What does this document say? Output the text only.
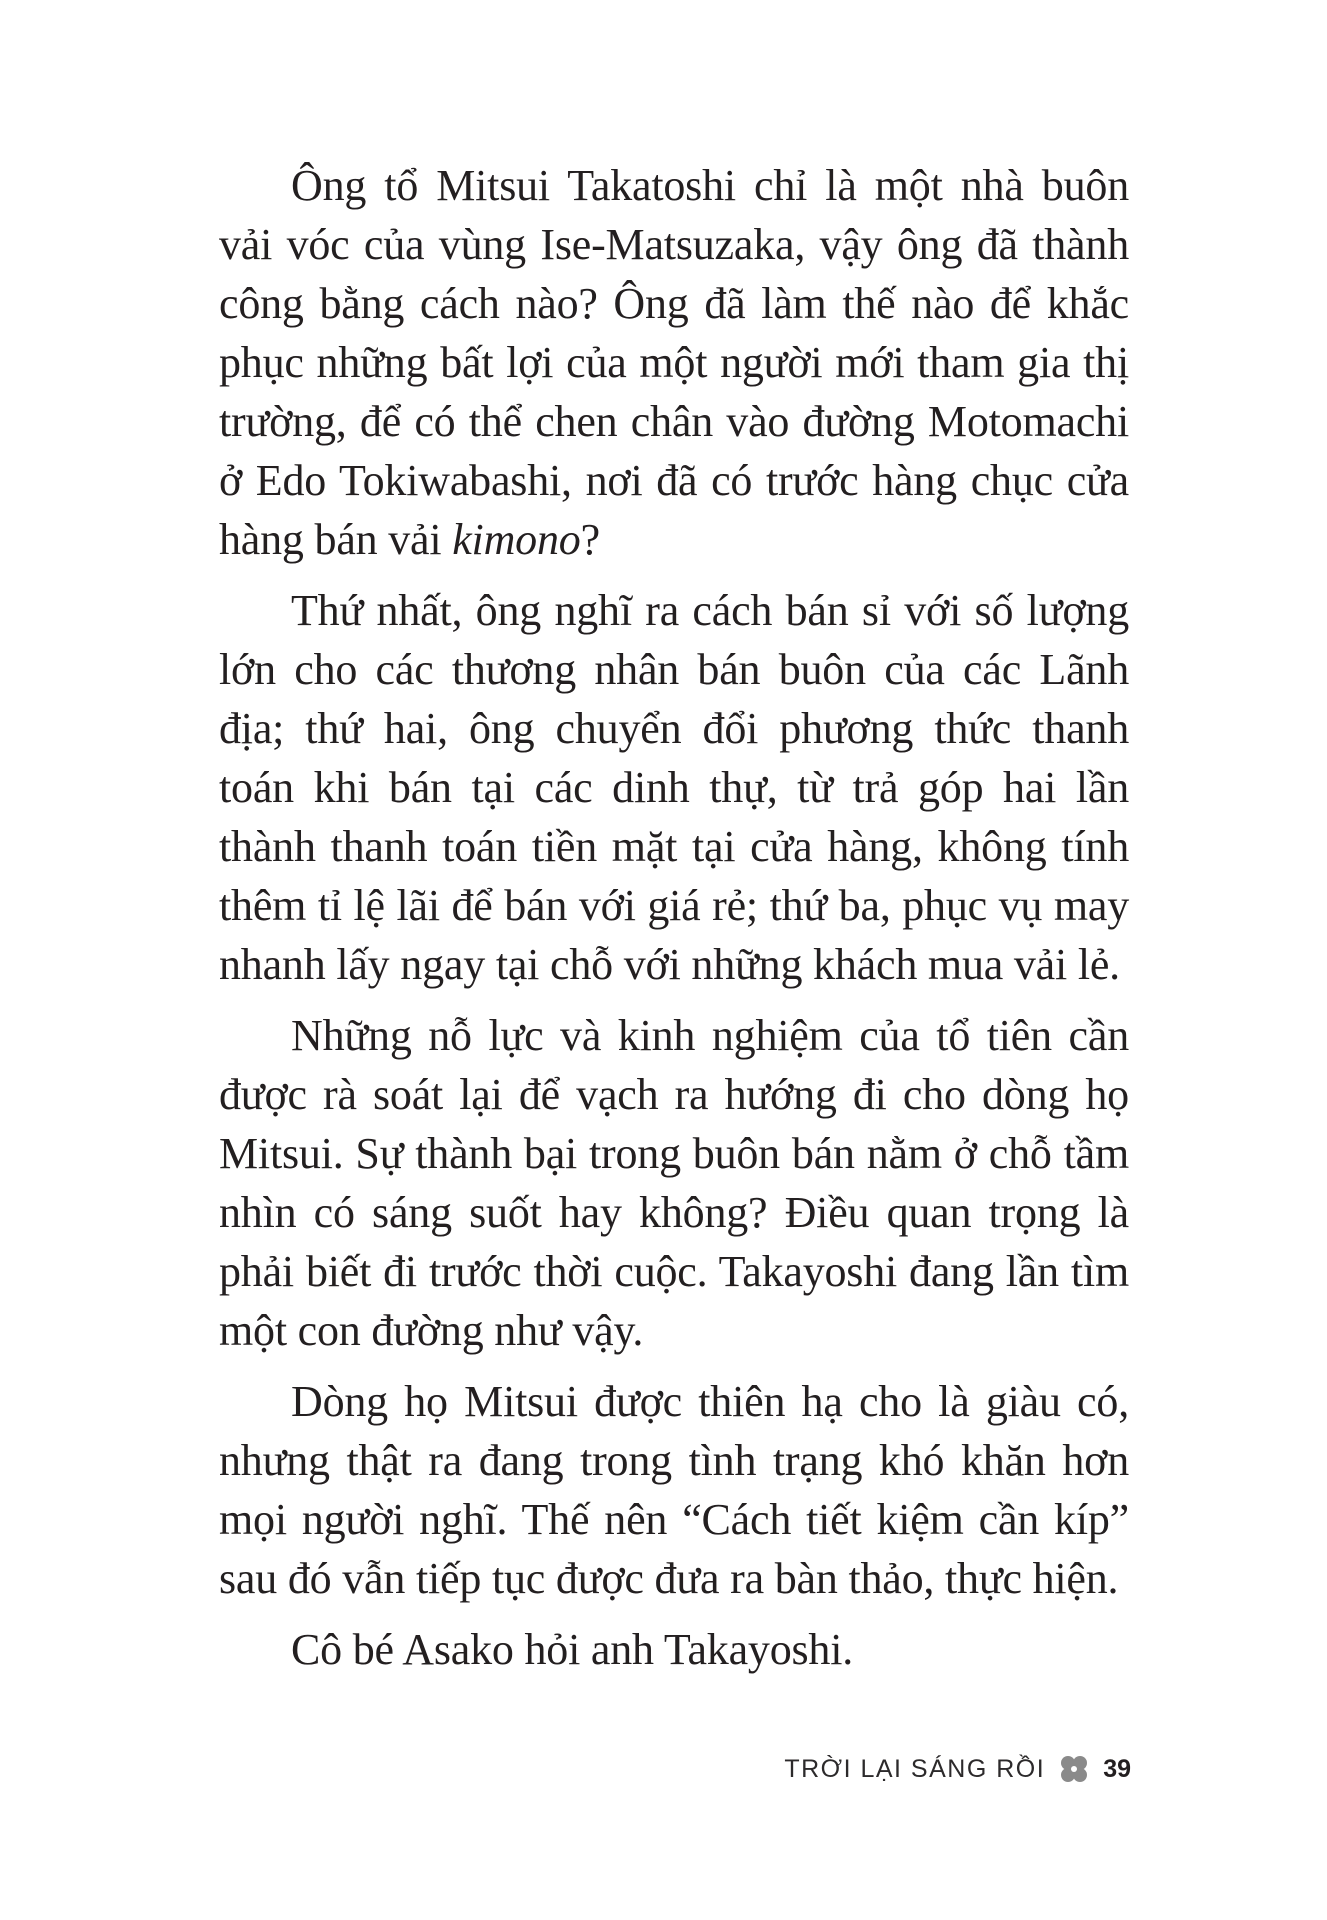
Ông tổ Mitsui Takatoshi chỉ là một nhà buôn vải vóc của vùng Ise-Matsuzaka, vậy ông đã thành công bằng cách nào? Ông đã làm thế nào để khắc phục những bất lợi của một người mới tham gia thị trường, để có thể chen chân vào đường Motomachi ở Edo Tokiwabashi, nơi đã có trước hàng chục cửa hàng bán vải kimono?

Thứ nhất, ông nghĩ ra cách bán sỉ với số lượng lớn cho các thương nhân bán buôn của các Lãnh địa; thứ hai, ông chuyển đổi phương thức thanh toán khi bán tại các dinh thự, từ trả góp hai lần thành thanh toán tiền mặt tại cửa hàng, không tính thêm tỉ lệ lãi để bán với giá rẻ; thứ ba, phục vụ may nhanh lấy ngay tại chỗ với những khách mua vải lẻ.

Những nỗ lực và kinh nghiệm của tổ tiên cần được rà soát lại để vạch ra hướng đi cho dòng họ Mitsui. Sự thành bại trong buôn bán nằm ở chỗ tầm nhìn có sáng suốt hay không? Điều quan trọng là phải biết đi trước thời cuộc. Takayoshi đang lần tìm một con đường như vậy.

Dòng họ Mitsui được thiên hạ cho là giàu có, nhưng thật ra đang trong tình trạng khó khăn hơn mọi người nghĩ. Thế nên “Cách tiết kiệm cần kíp” sau đó vẫn tiếp tục được đưa ra bàn thảo, thực hiện.

Cô bé Asako hỏi anh Takayoshi.

TRỜI LẠI SÁNG RỒI 39
